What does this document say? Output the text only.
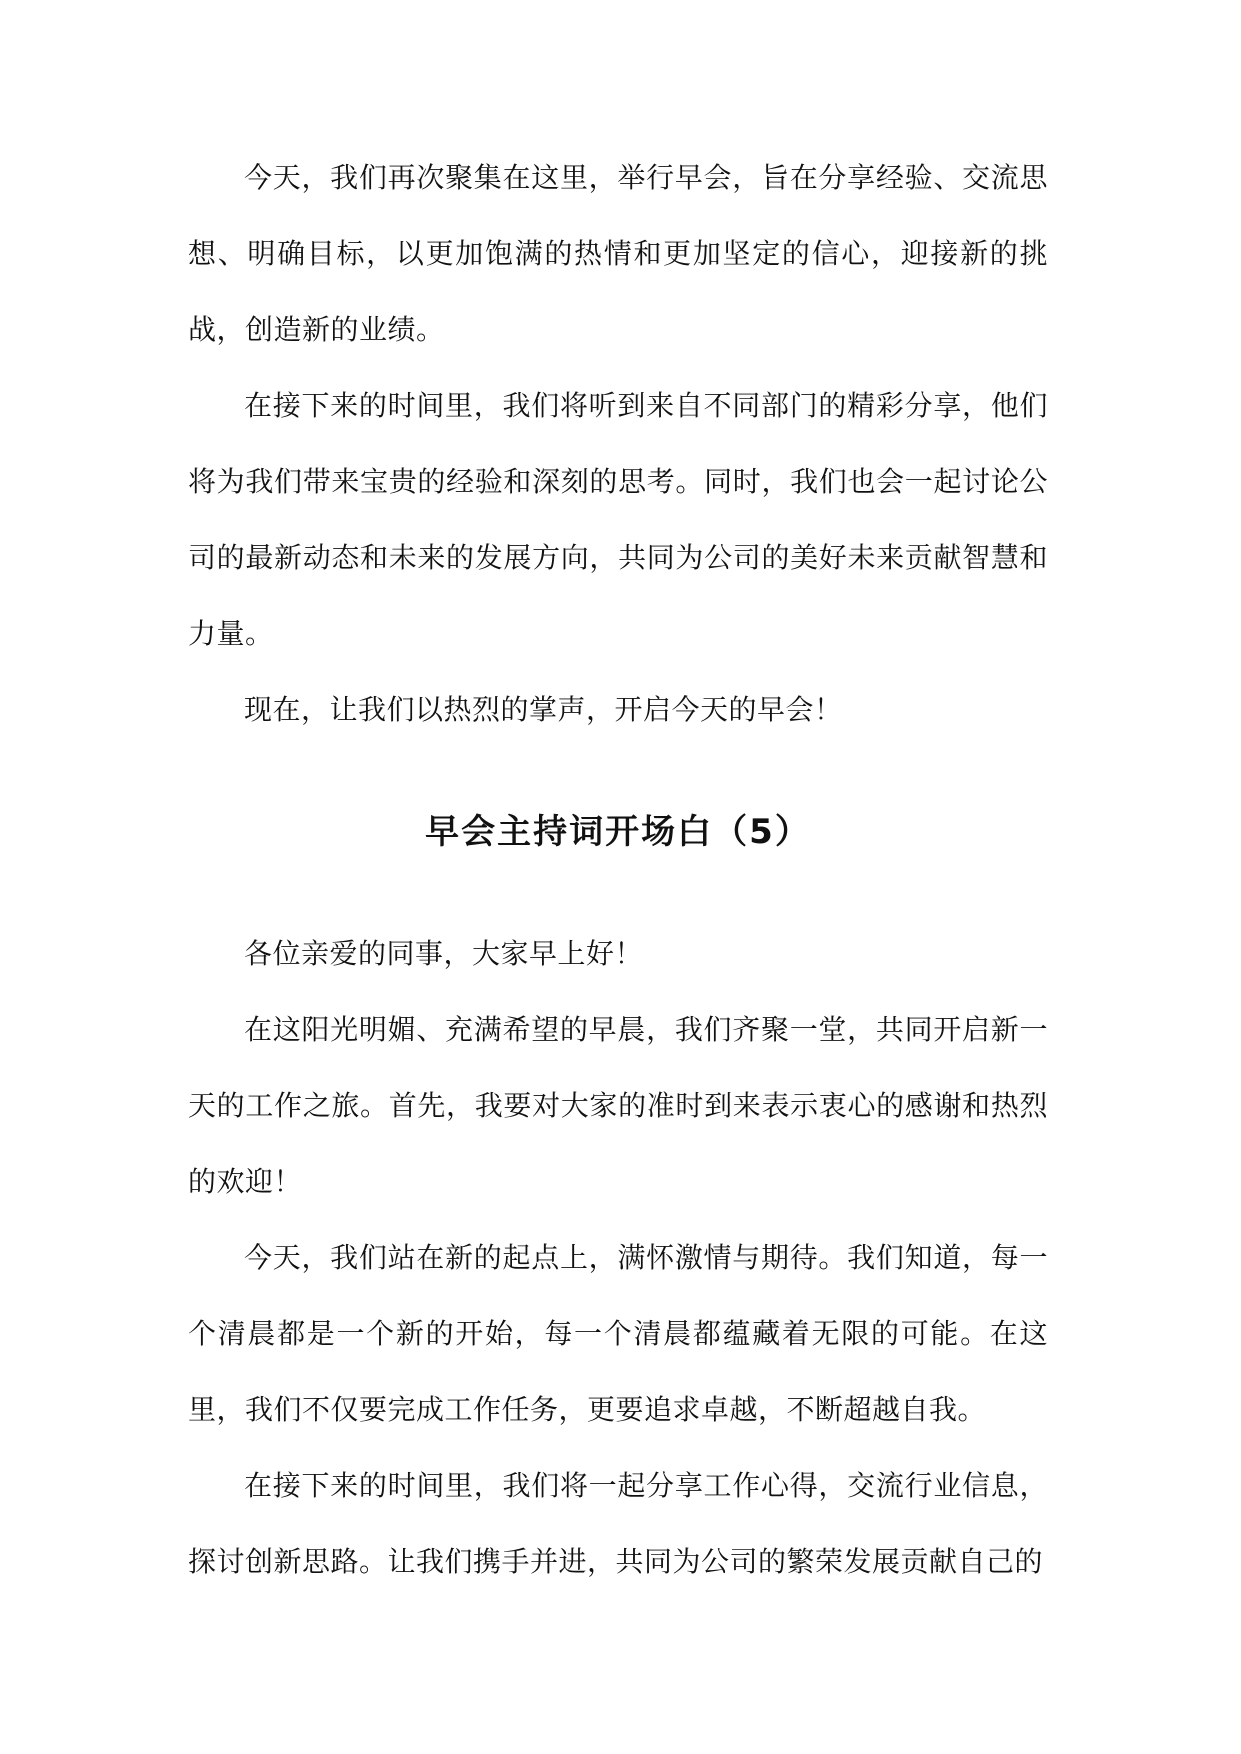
今天，我们再次聚集在这里，举行早会，旨在分享经验、交流思想、明确目标，以更加饱满的热情和更加坚定的信心，迎接新的挑战，创造新的业绩。

在接下来的时间里，我们将听到来自不同部门的精彩分享，他们将为我们带来宝贵的经验和深刻的思考。同时，我们也会一起讨论公司的最新动态和未来的发展方向，共同为公司的美好未来贡献智慧和力量。

现在，让我们以热烈的掌声，开启今天的早会！

早会主持词开场白（5）

各位亲爱的同事，大家早上好！

在这阳光明媚、充满希望的早晨，我们齐聚一堂，共同开启新一天的工作之旅。首先，我要对大家的准时到来表示衷心的感谢和热烈的欢迎！

今天，我们站在新的起点上，满怀激情与期待。我们知道，每一个清晨都是一个新的开始，每一个清晨都蕴藏着无限的可能。在这里，我们不仅要完成工作任务，更要追求卓越，不断超越自我。

在接下来的时间里，我们将一起分享工作心得，交流行业信息，探讨创新思路。让我们携手并进，共同为公司的繁荣发展贡献自己的
